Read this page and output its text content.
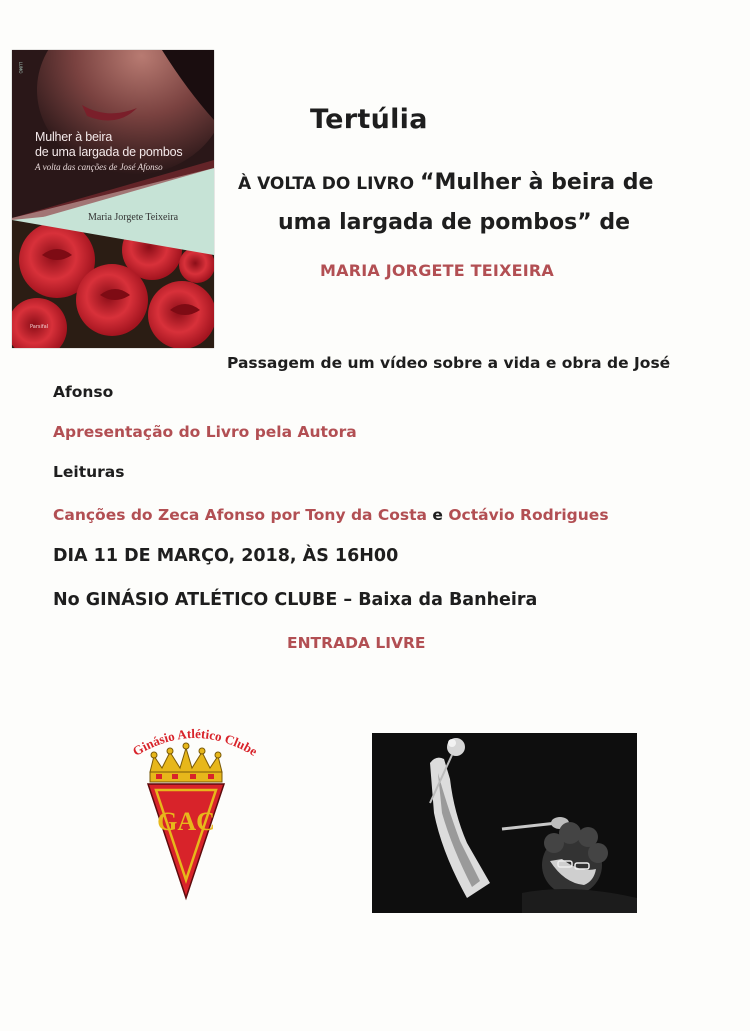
LUMO
Mulher à beira
de uma largada de pombos
A volta das canções de José Afonso
Maria Jorgete Teixeira
Parsifal
Tertúlia
À VOLTA DO LIVRO “Mulher à beira de
uma largada de pombos” de
MARIA JORGETE TEIXEIRA
Passagem de um vídeo sobre a vida e obra de José
Afonso
Apresentação do Livro pela Autora
Leituras
Canções do Zeca Afonso por Tony da Costa e Octávio Rodrigues
DIA 11 DE MARÇO, 2018, ÀS 16H00
No GINÁSIO ATLÉTICO CLUBE – Baixa da Banheira
ENTRADA LIVRE
Ginásio Atlético Clube
GAC
